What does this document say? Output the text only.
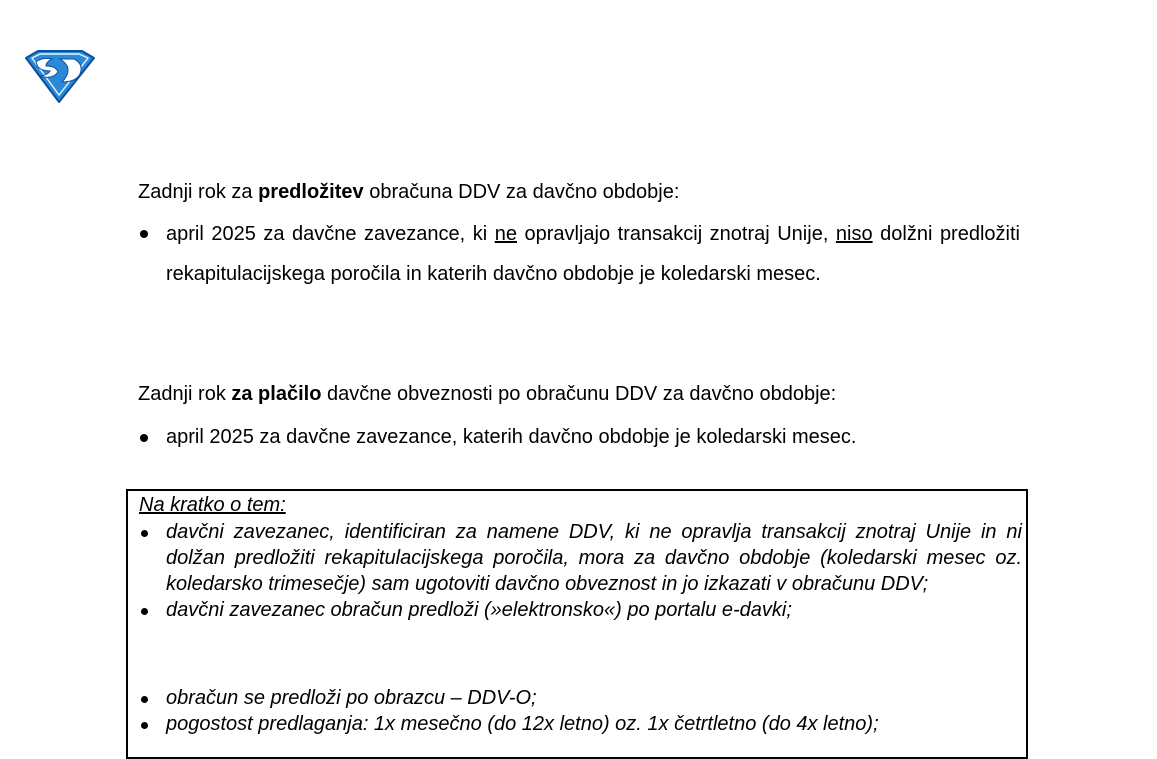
Zadnji rok za predložitev obračuna DDV za davčno obdobje:

april 2025 za davčne zavezance, ki ne opravljajo transakcij znotraj Unije, niso dolžni predložiti rekapitulacijskega poročila in katerih davčno obdobje je koledarski mesec.

Zadnji rok za plačilo davčne obveznosti po obračunu DDV za davčno obdobje:

april 2025 za davčne zavezance, katerih davčno obdobje je koledarski mesec.

Na kratko o tem:

davčni zavezanec, identificiran za namene DDV, ki ne opravlja transakcij znotraj Unije in ni dolžan predložiti rekapitulacijskega poročila, mora za davčno obdobje (koledarski mesec oz. koledarsko trimesečje) sam ugotoviti davčno obveznost in jo izkazati v obračunu DDV;
davčni zavezanec obračun predloži (»elektronsko«) po portalu e-davki;
obračun se predloži po obrazcu – DDV-O;
pogostost predlaganja: 1x mesečno (do 12x letno) oz. 1x četrtletno (do 4x letno);
